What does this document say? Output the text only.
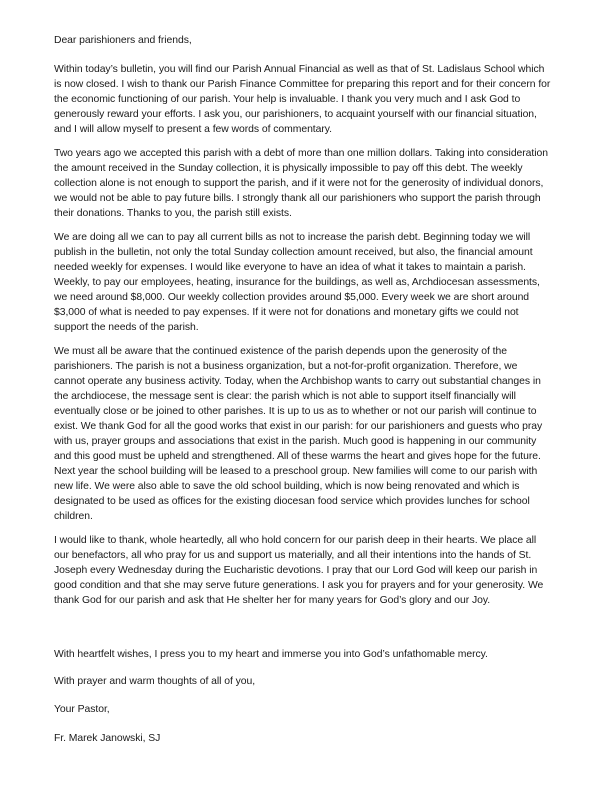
Dear parishioners and friends,

Within today’s bulletin, you will find our Parish Annual Financial as well as that of St. Ladislaus School which is now closed. I wish to thank our Parish Finance Committee for preparing this report and for their concern for the economic functioning of our parish. Your help is invaluable. I thank you very much and I ask God to generously reward your efforts. I ask you, our parishioners, to acquaint yourself with our financial situation, and I will allow myself to present a few words of commentary.

Two years ago we accepted this parish with a debt of more than one million dollars. Taking into consideration the amount received in the Sunday collection, it is physically impossible to pay off this debt. The weekly collection alone is not enough to support the parish, and if it were not for the generosity of individual donors, we would not be able to pay future bills. I strongly thank all our parishioners who support the parish through their donations. Thanks to you, the parish still exists.

We are doing all we can to pay all current bills as not to increase the parish debt. Beginning today we will publish in the bulletin, not only the total Sunday collection amount received, but also, the financial amount needed weekly for expenses. I would like everyone to have an idea of what it takes to maintain a parish. Weekly, to pay our employees, heating, insurance for the buildings, as well as, Archdiocesan assessments, we need around $8,000. Our weekly collection provides around $5,000. Every week we are short around $3,000 of what is needed to pay expenses. If it were not for donations and monetary gifts we could not support the needs of the parish.

We must all be aware that the continued existence of the parish depends upon the generosity of the parishioners. The parish is not a business organization, but a not-for-profit organization. Therefore, we cannot operate any business activity. Today, when the Archbishop wants to carry out substantial changes in the archdiocese, the message sent is clear: the parish which is not able to support itself financially will eventually close or be joined to other parishes. It is up to us as to whether or not our parish will continue to exist. We thank God for all the good works that exist in our parish: for our parishioners and guests who pray with us, prayer groups and associations that exist in the parish. Much good is happening in our community and this good must be upheld and strengthened. All of these warms the heart and gives hope for the future. Next year the school building will be leased to a preschool group. New families will come to our parish with new life. We were also able to save the old school building, which is now being renovated and which is designated to be used as offices for the existing diocesan food service which provides lunches for school children.

I would like to thank, whole heartedly, all who hold concern for our parish deep in their hearts. We place all our benefactors, all who pray for us and support us materially, and all their intentions into the hands of St. Joseph every Wednesday during the Eucharistic devotions. I pray that our Lord God will keep our parish in good condition and that she may serve future generations. I ask you for prayers and for your generosity. We thank God for our parish and ask that He shelter her for many years for God’s glory and our Joy.

With heartfelt wishes, I press you to my heart and immerse you into God’s unfathomable mercy.

With prayer and warm thoughts of all of you,

Your Pastor,

Fr. Marek Janowski, SJ
